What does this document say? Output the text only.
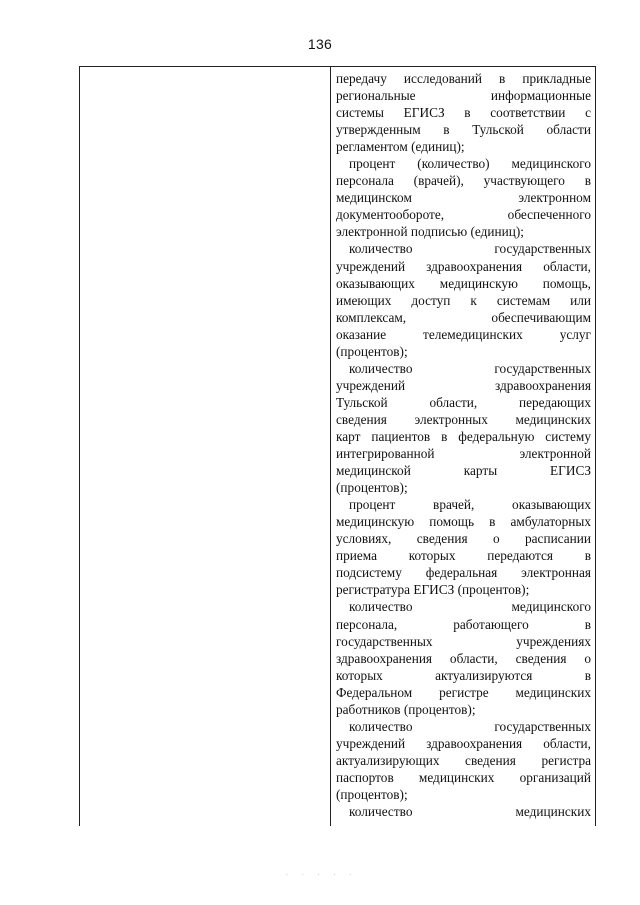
136
передачу исследований в прикладные
региональные информационные
системы ЕГИСЗ в соответствии с
утвержденным в Тульской области
регламентом (единиц);
процент (количество) медицинского
персонала (врачей), участвующего в
медицинском электронном
документообороте, обеспеченного
электронной подписью (единиц);
количество государственных
учреждений здравоохранения области,
оказывающих медицинскую помощь,
имеющих доступ к системам или
комплексам, обеспечивающим
оказание телемедицинских услуг
(процентов);
количество государственных
учреждений здравоохранения
Тульской области, передающих
сведения электронных медицинских
карт пациентов в федеральную систему
интегрированной электронной
медицинской карты ЕГИСЗ
(процентов);
процент врачей, оказывающих
медицинскую помощь в амбулаторных
условиях, сведения о расписании
приема которых передаются в
подсистему федеральная электронная
регистратура ЕГИСЗ (процентов);
количество медицинского
персонала, работающего в
государственных учреждениях
здравоохранения области, сведения о
которых актуализируются в
Федеральном регистре медицинских
работников (процентов);
количество государственных
учреждений здравоохранения области,
актуализирующих сведения регистра
паспортов медицинских организаций
(процентов);
количество медицинских
· · · · ·
